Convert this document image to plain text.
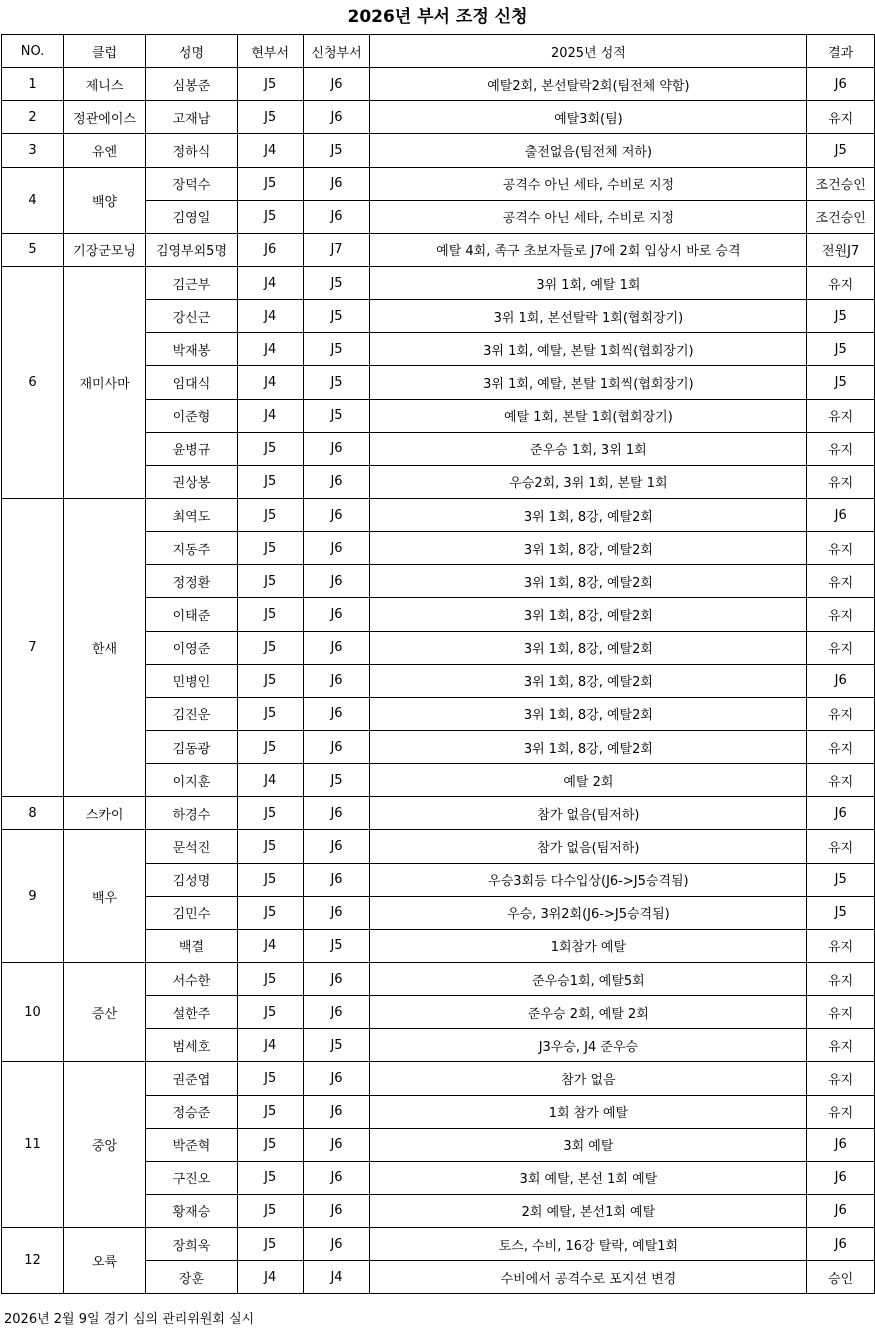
2026년 부서 조정 신청
NO.	클럽	성명	현부서	신청부서	2025년 성적	결과
1	제니스	심봉준	J5	J6	예탈2회, 본선탈락2회(팀전체 약함)	J6
2	정관에이스	고재남	J5	J6	예탈3회(팀)	유지
3	유엔	정하식	J4	J5	출전없음(팀전체 저하)	J5
4	백양	장덕수	J5	J6	공격수 아닌 세타, 수비로 지정	조건승인
		김영일	J5	J6	공격수 아닌 세타, 수비로 지정	조건승인
5	기장군모닝	김영부외5명	J6	J7	예탈 4회, 족구 초보자들로 J7에 2회 입상시 바로 승격	전원J7
6	재미사마	김근부	J4	J5	3위 1회, 예탈 1회	유지
		강신근	J4	J5	3위 1회, 본선탈락 1회(협회장기)	J5
		박재봉	J4	J5	3위 1회, 예탈, 본탈 1회씩(협회장기)	J5
		임대식	J4	J5	3위 1회, 예탈, 본탈 1회씩(협회장기)	J5
		이준형	J4	J5	예탈 1회, 본탈 1회(협회장기)	유지
		윤병규	J5	J6	준우승 1회, 3위 1회	유지
		권상봉	J5	J6	우승2회, 3위 1회, 본탈 1회	유지
7	한새	최역도	J5	J6	3위 1회, 8강, 예탈2회	J6
		지동주	J5	J6	3위 1회, 8강, 예탈2회	유지
		정정환	J5	J6	3위 1회, 8강, 예탈2회	유지
		이태준	J5	J6	3위 1회, 8강, 예탈2회	유지
		이영준	J5	J6	3위 1회, 8강, 예탈2회	유지
		민병인	J5	J6	3위 1회, 8강, 예탈2회	J6
		김진운	J5	J6	3위 1회, 8강, 예탈2회	유지
		김동광	J5	J6	3위 1회, 8강, 예탈2회	유지
		이지훈	J4	J5	예탈 2회	유지
8	스카이	하경수	J5	J6	참가 없음(팀저하)	J6
9	백우	문석진	J5	J6	참가 없음(팀저하)	유지
		김성명	J5	J6	우승3회등 다수입상(J6->J5승격됨)	J5
		김민수	J5	J6	우승, 3위2회(J6->J5승격됨)	J5
		백결	J4	J5	1회참가 예탈	유지
10	증산	서수한	J5	J6	준우승1회, 예탈5회	유지
		설한주	J5	J6	준우승 2회, 예탈 2회	유지
		범세호	J4	J5	J3우승, J4 준우승	유지
11	중앙	권준엽	J5	J6	참가 없음	유지
		정승준	J5	J6	1회 참가 예탈	유지
		박준혁	J5	J6	3회 예탈	J6
		구진오	J5	J6	3회 예탈, 본선 1회 예탈	J6
		황재승	J5	J6	2회 예탈, 본선1회 예탈	J6
12	오륙	장희욱	J5	J6	토스, 수비, 16강 탈락, 예탈1회	J6
		장훈	J4	J4	수비에서 공격수로 포지션 변경	승인
2026년 2월 9일 경기 심의 관리위원회 실시
